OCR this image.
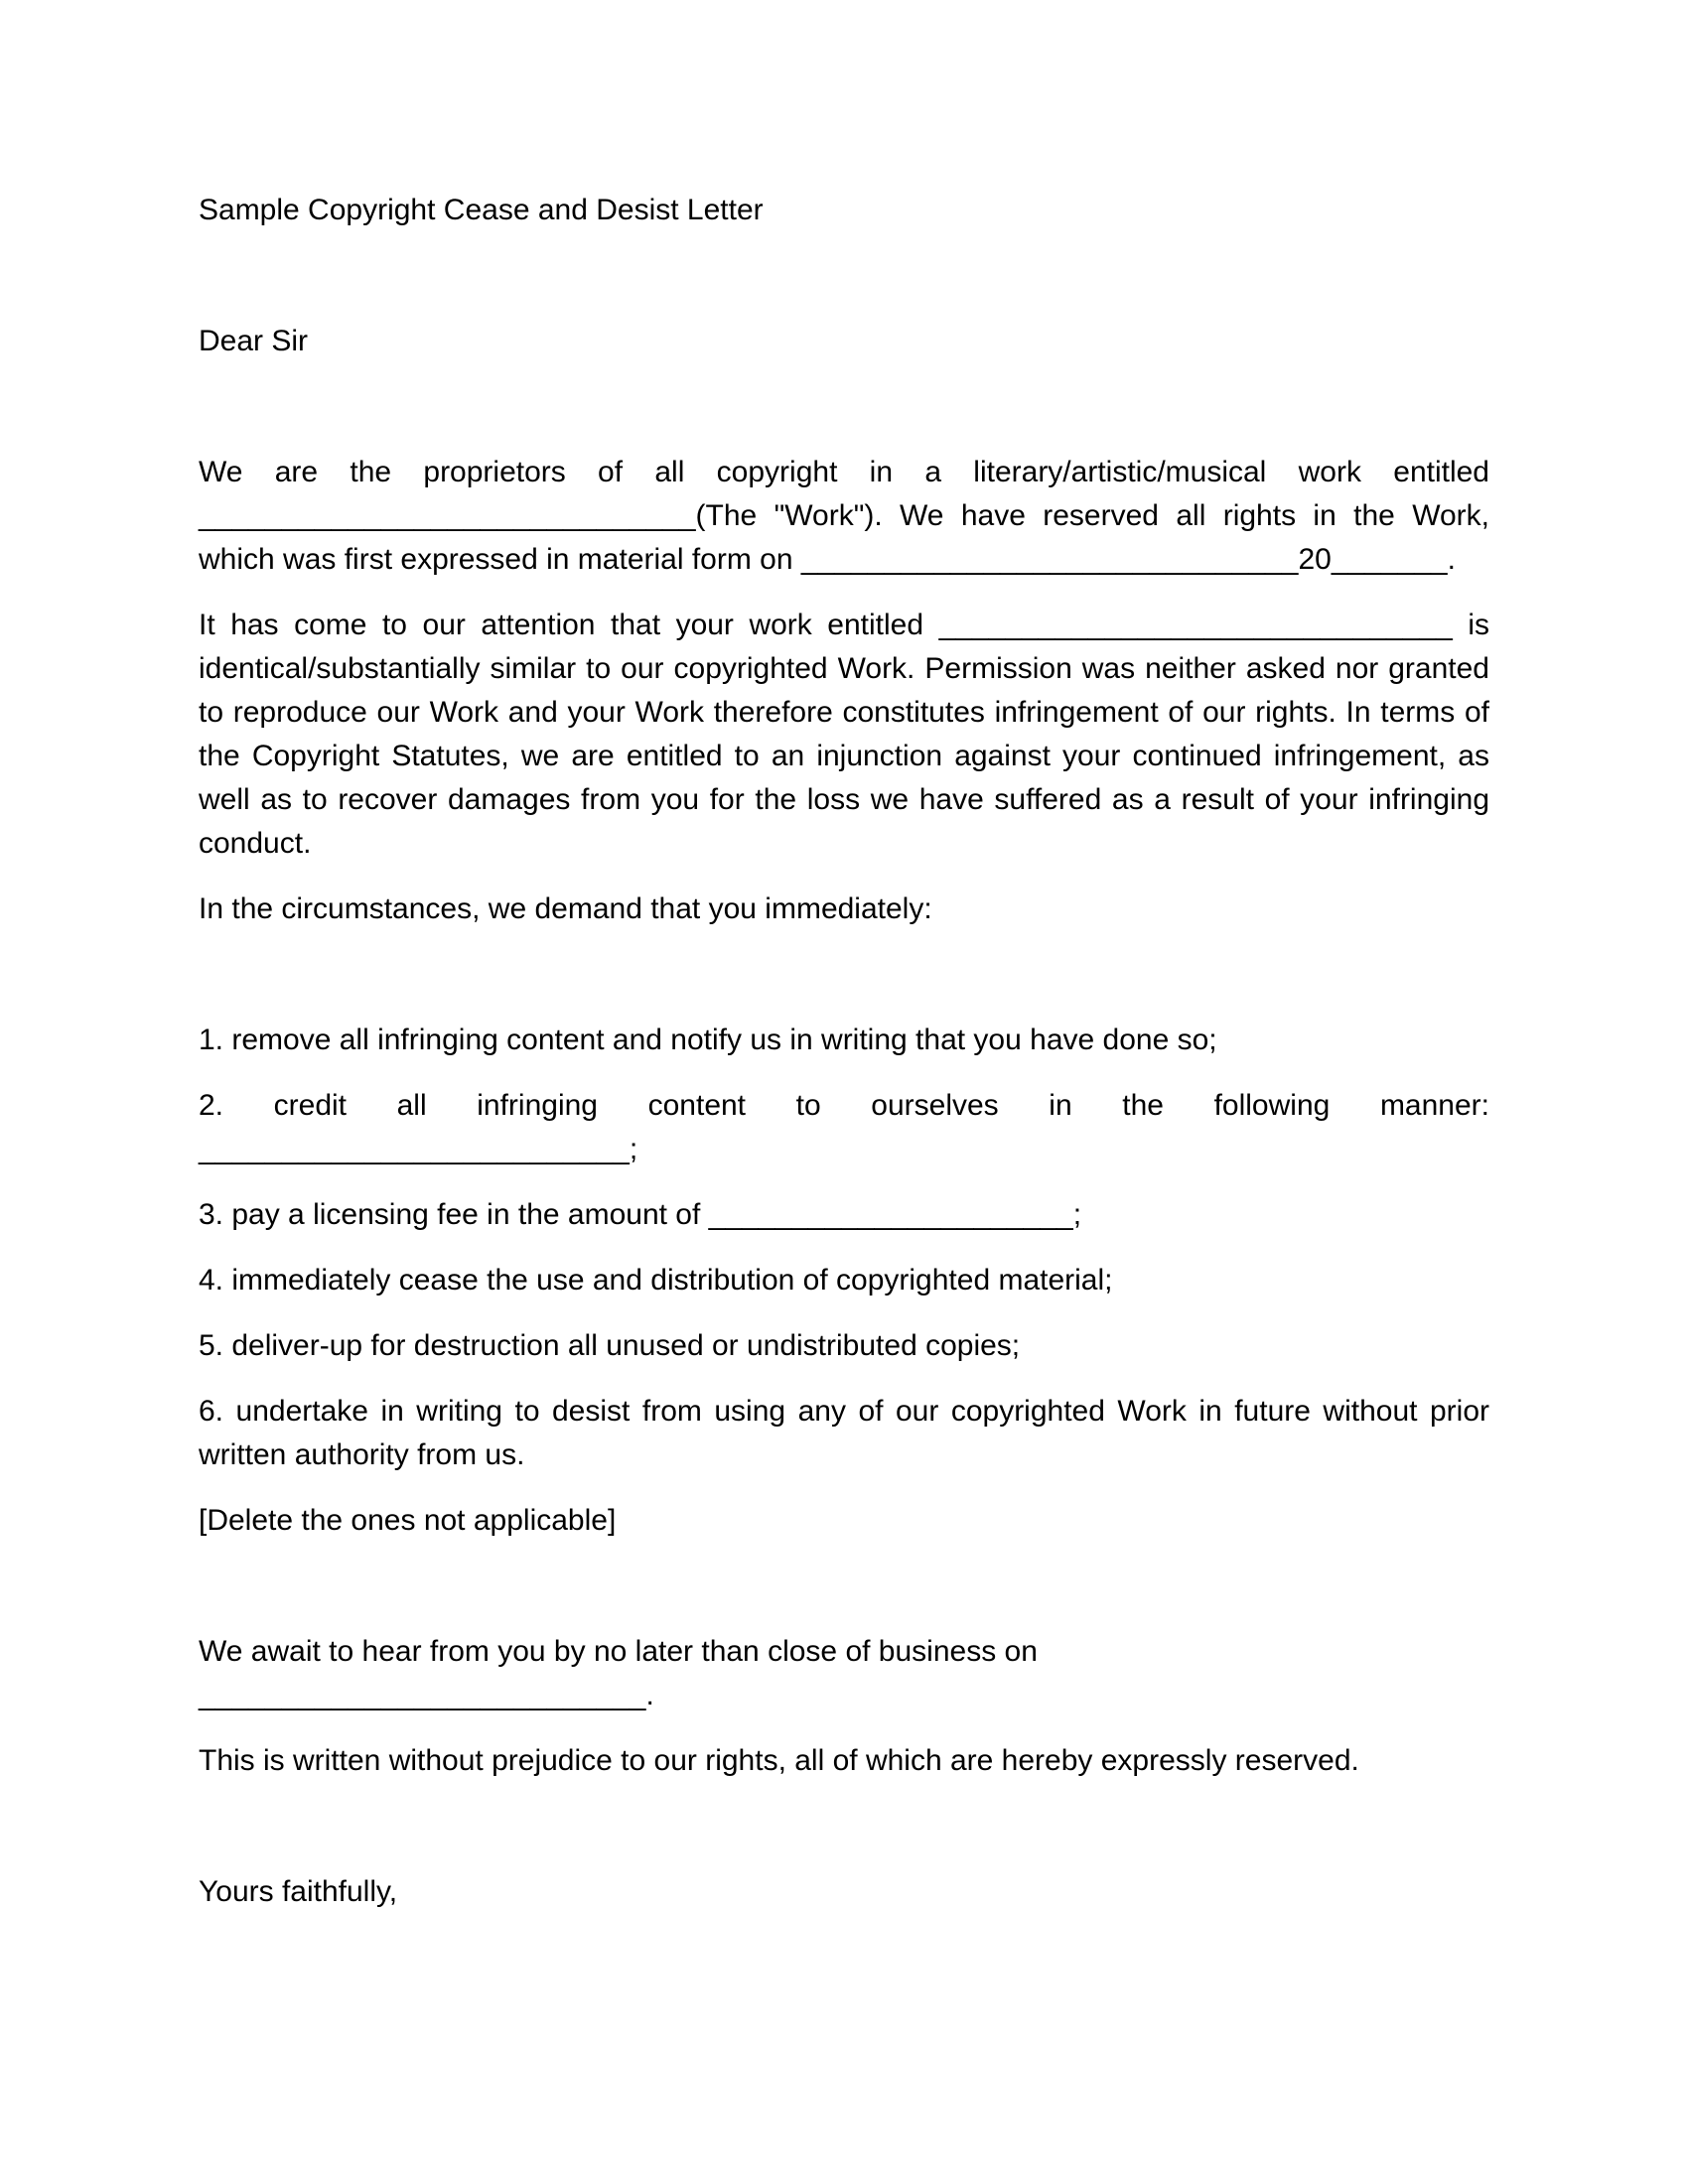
Sample Copyright Cease and Desist Letter

Dear Sir

We are the proprietors of all copyright in a literary/artistic/musical work entitled ______________________________(The "Work"). We have reserved all rights in the Work, which was first expressed in material form on ______________________________20_______.

It has come to our attention that your work entitled _______________________________ is identical/substantially similar to our copyrighted Work. Permission was neither asked nor granted to reproduce our Work and your Work therefore constitutes infringement of our rights. In terms of the Copyright Statutes, we are entitled to an injunction against your continued infringement, as well as to recover damages from you for the loss we have suffered as a result of your infringing conduct.

In the circumstances, we demand that you immediately:

1. remove all infringing content and notify us in writing that you have done so;

2. credit all infringing content to ourselves in the following manner: __________________________;

3. pay a licensing fee in the amount of ______________________;

4. immediately cease the use and distribution of copyrighted material;

5. deliver-up for destruction all unused or undistributed copies;

6. undertake in writing to desist from using any of our copyrighted Work in future without prior written authority from us.

[Delete the ones not applicable]

We await to hear from you by no later than close of business on ___________________________.

This is written without prejudice to our rights, all of which are hereby expressly reserved.

Yours faithfully,
